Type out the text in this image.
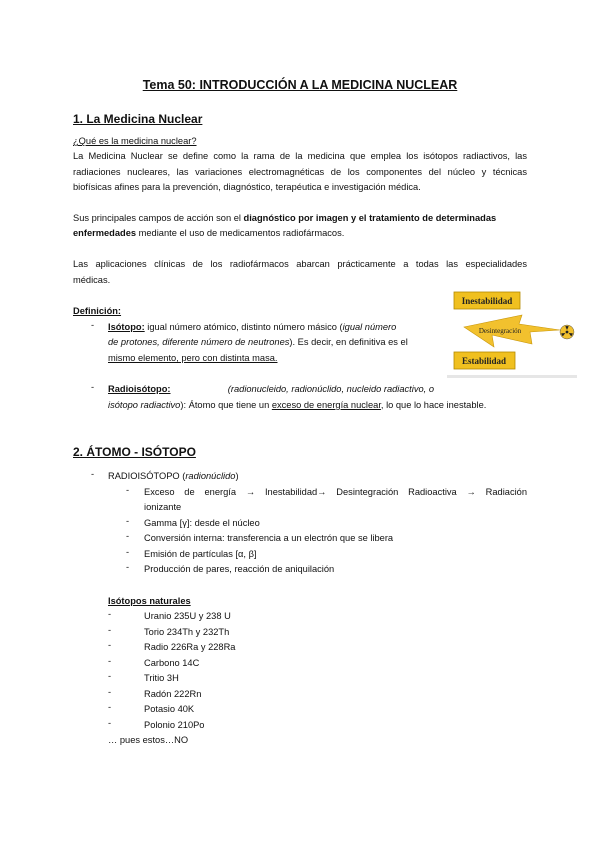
Tema 50: INTRODUCCIÓN A LA MEDICINA NUCLEAR
1. La Medicina Nuclear
¿Qué es la medicina nuclear?
La Medicina Nuclear se define como la rama de la medicina que emplea los isótopos radiactivos, las
radiaciones nucleares, las variaciones electromagnéticas de los componentes del núcleo y técnicas
biofísicas afines para la prevención, diagnóstico, terapéutica e investigación médica.
Sus principales campos de acción son el diagnóstico por imagen y el tratamiento de determinadas
enfermedades mediante el uso de medicamentos radiofármacos.
Las aplicaciones clínicas de los radiofármacos abarcan prácticamente a todas las especialidades
médicas.
Definición:
- Isótopo: igual número atómico, distinto número másico (igual número
de protones, diferente número de neutrones). Es decir, en definitiva es el
mismo elemento, pero con distinta masa.
- Radioisótopo:	(radionucleido, radionúclido, nucleido radiactivo, o
isótopo radiactivo): Átomo que tiene un exceso de energía nuclear, lo que lo hace inestable.
Inestabilidad
Desintegración
Estabilidad
2. ÁTOMO - ISÓTOPO
- RADIOISÓTOPO (radionúclido)
- Exceso de energía → Inestabilidad→ Desintegración Radioactiva → Radiación
ionizante
- Gamma [γ]: desde el núcleo
- Conversión interna: transferencia a un electrón que se libera
- Emisión de partículas [α, β]
- Producción de pares, reacción de aniquilación
Isótopos naturales
-	Uranio 235U y 238 U
-	Torio 234Th y 232Th
-	Radio 226Ra y 228Ra
-	Carbono 14C
-	Tritio 3H
-	Radón 222Rn
-	Potasio 40K
-	Polonio 210Po
… pues estos…NO
